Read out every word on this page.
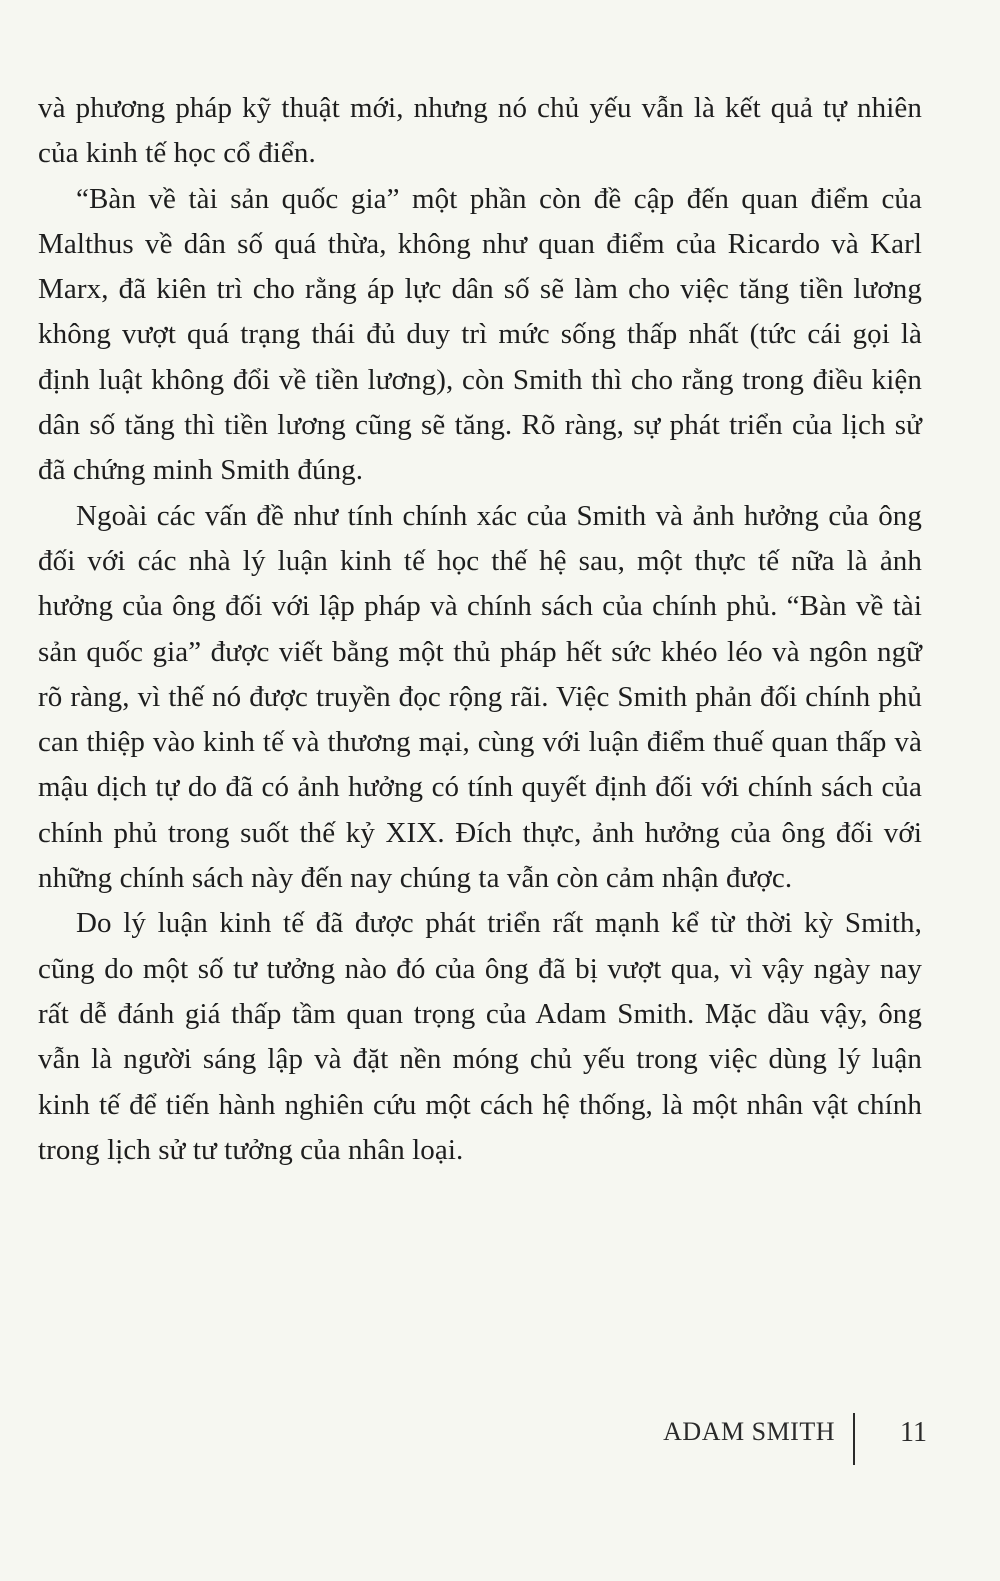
và phương pháp kỹ thuật mới, nhưng nó chủ yếu vẫn là kết quả tự nhiên của kinh tế học cổ điển.

“Bàn về tài sản quốc gia” một phần còn đề cập đến quan điểm của Malthus về dân số quá thừa, không như quan điểm của Ricardo và Karl Marx, đã kiên trì cho rằng áp lực dân số sẽ làm cho việc tăng tiền lương không vượt quá trạng thái đủ duy trì mức sống thấp nhất (tức cái gọi là định luật không đổi về tiền lương), còn Smith thì cho rằng trong điều kiện dân số tăng thì tiền lương cũng sẽ tăng. Rõ ràng, sự phát triển của lịch sử đã chứng minh Smith đúng.

Ngoài các vấn đề như tính chính xác của Smith và ảnh hưởng của ông đối với các nhà lý luận kinh tế học thế hệ sau, một thực tế nữa là ảnh hưởng của ông đối với lập pháp và chính sách của chính phủ. “Bàn về tài sản quốc gia” được viết bằng một thủ pháp hết sức khéo léo và ngôn ngữ rõ ràng, vì thế nó được truyền đọc rộng rãi. Việc Smith phản đối chính phủ can thiệp vào kinh tế và thương mại, cùng với luận điểm thuế quan thấp và mậu dịch tự do đã có ảnh hưởng có tính quyết định đối với chính sách của chính phủ trong suốt thế kỷ XIX. Đích thực, ảnh hưởng của ông đối với những chính sách này đến nay chúng ta vẫn còn cảm nhận được.

Do lý luận kinh tế đã được phát triển rất mạnh kể từ thời kỳ Smith, cũng do một số tư tưởng nào đó của ông đã bị vượt qua, vì vậy ngày nay rất dễ đánh giá thấp tầm quan trọng của Adam Smith. Mặc dầu vậy, ông vẫn là người sáng lập và đặt nền móng chủ yếu trong việc dùng lý luận kinh tế để tiến hành nghiên cứu một cách hệ thống, là một nhân vật chính trong lịch sử tư tưởng của nhân loại.

ADAM SMITH 11
